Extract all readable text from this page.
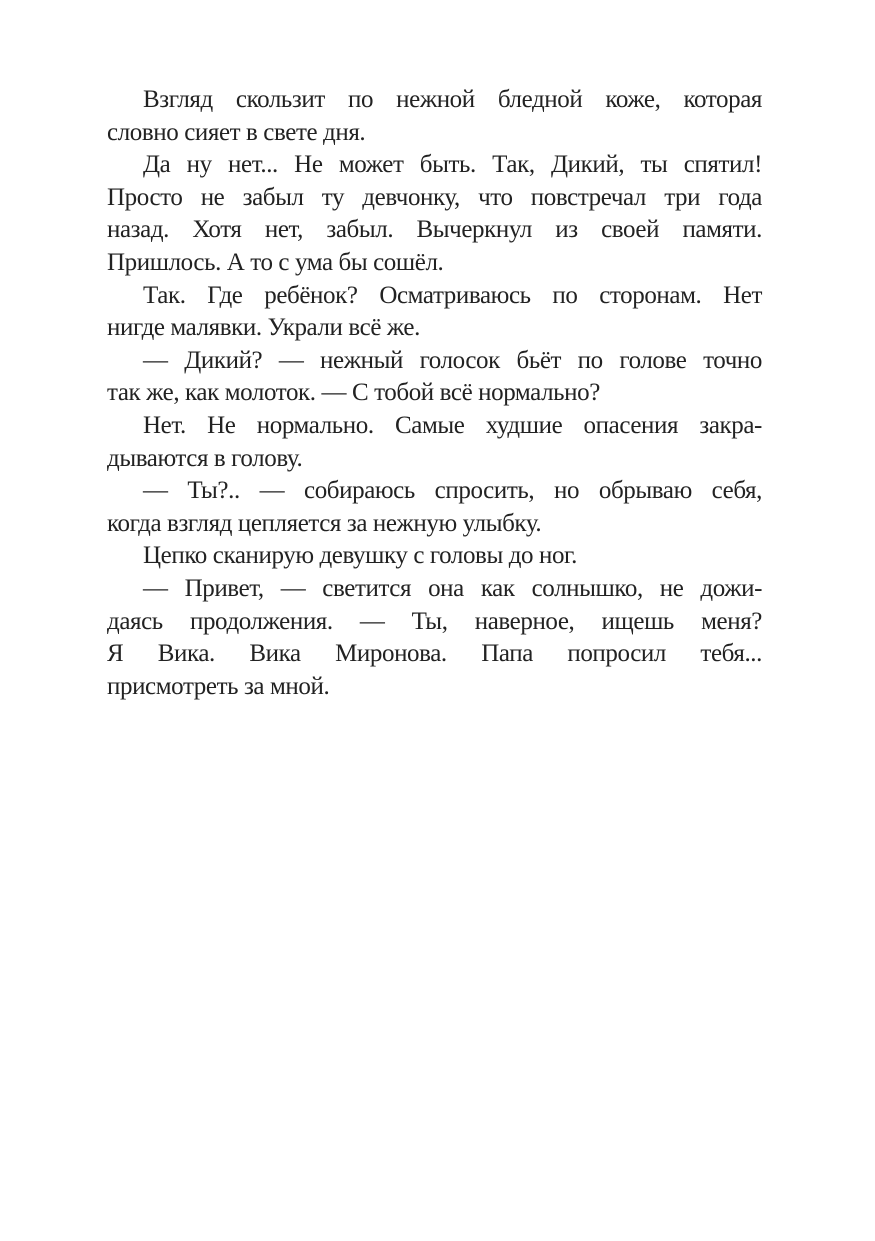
Взгляд скользит по нежной бледной коже, которая
словно сияет в свете дня.

Да ну нет... Не может быть. Так, Дикий, ты спятил!
Просто не забыл ту девчонку, что повстречал три года
назад. Хотя нет, забыл. Вычеркнул из своей памяти.
Пришлось. А то с ума бы сошёл.

Так. Где ребёнок? Осматриваюсь по сторонам. Нет
нигде малявки. Украли всё же.

— Дикий? — нежный голосок бьёт по голове точно
так же, как молоток. — С тобой всё нормально?

Нет. Не нормально. Самые худшие опасения закра-
дываются в голову.

— Ты?.. — собираюсь спросить, но обрываю себя,
когда взгляд цепляется за нежную улыбку.

Цепко сканирую девушку с головы до ног.

— Привет, — светится она как солнышко, не дожи-
даясь продолжения. — Ты, наверное, ищешь меня?
Я Вика. Вика Миронова. Папа попросил тебя...
присмотреть за мной.
